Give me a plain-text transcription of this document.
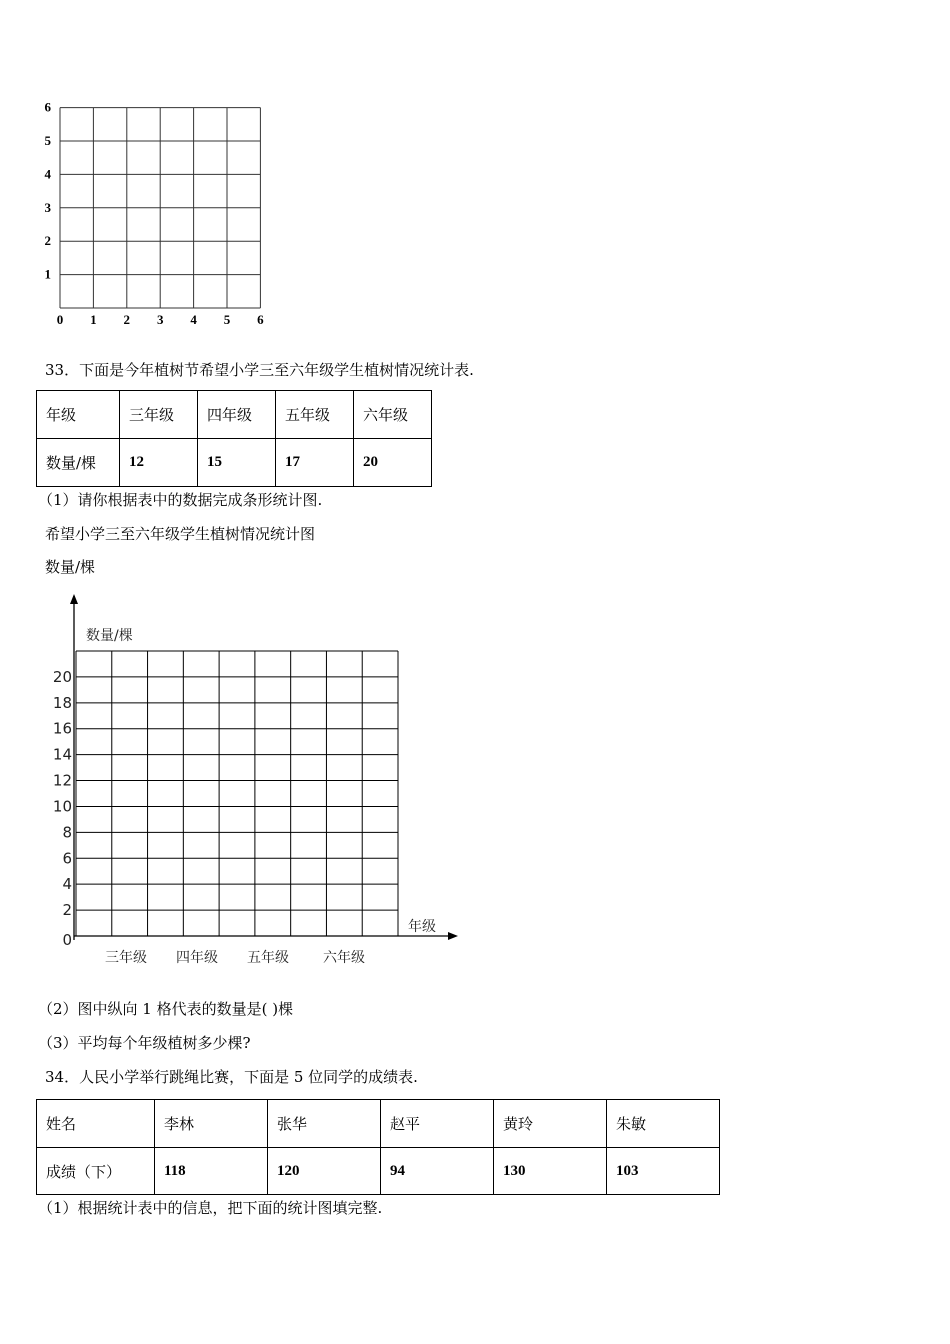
0 1 2 3 4 5 6
1
2
3
4
5
6
33．下面是今年植树节希望小学三至六年级学生植树情况统计表.
年级	三年级	四年级	五年级	六年级
数量/棵	12	15	17	20
（1）请你根据表中的数据完成条形统计图.
希望小学三至六年级学生植树情况统计图
数量/棵
数量/棵
年级
0
2
4
6
8
10
12
14
16
18
20
三年级 四年级 五年级 六年级
（2）图中纵向 1 格代表的数量是( )棵
（3）平均每个年级植树多少棵?
34．人民小学举行跳绳比赛，下面是 5 位同学的成绩表.
姓名	李林	张华	赵平	黄玲	朱敏
成绩（下）	118	120	94	130	103
（1）根据统计表中的信息，把下面的统计图填完整.
